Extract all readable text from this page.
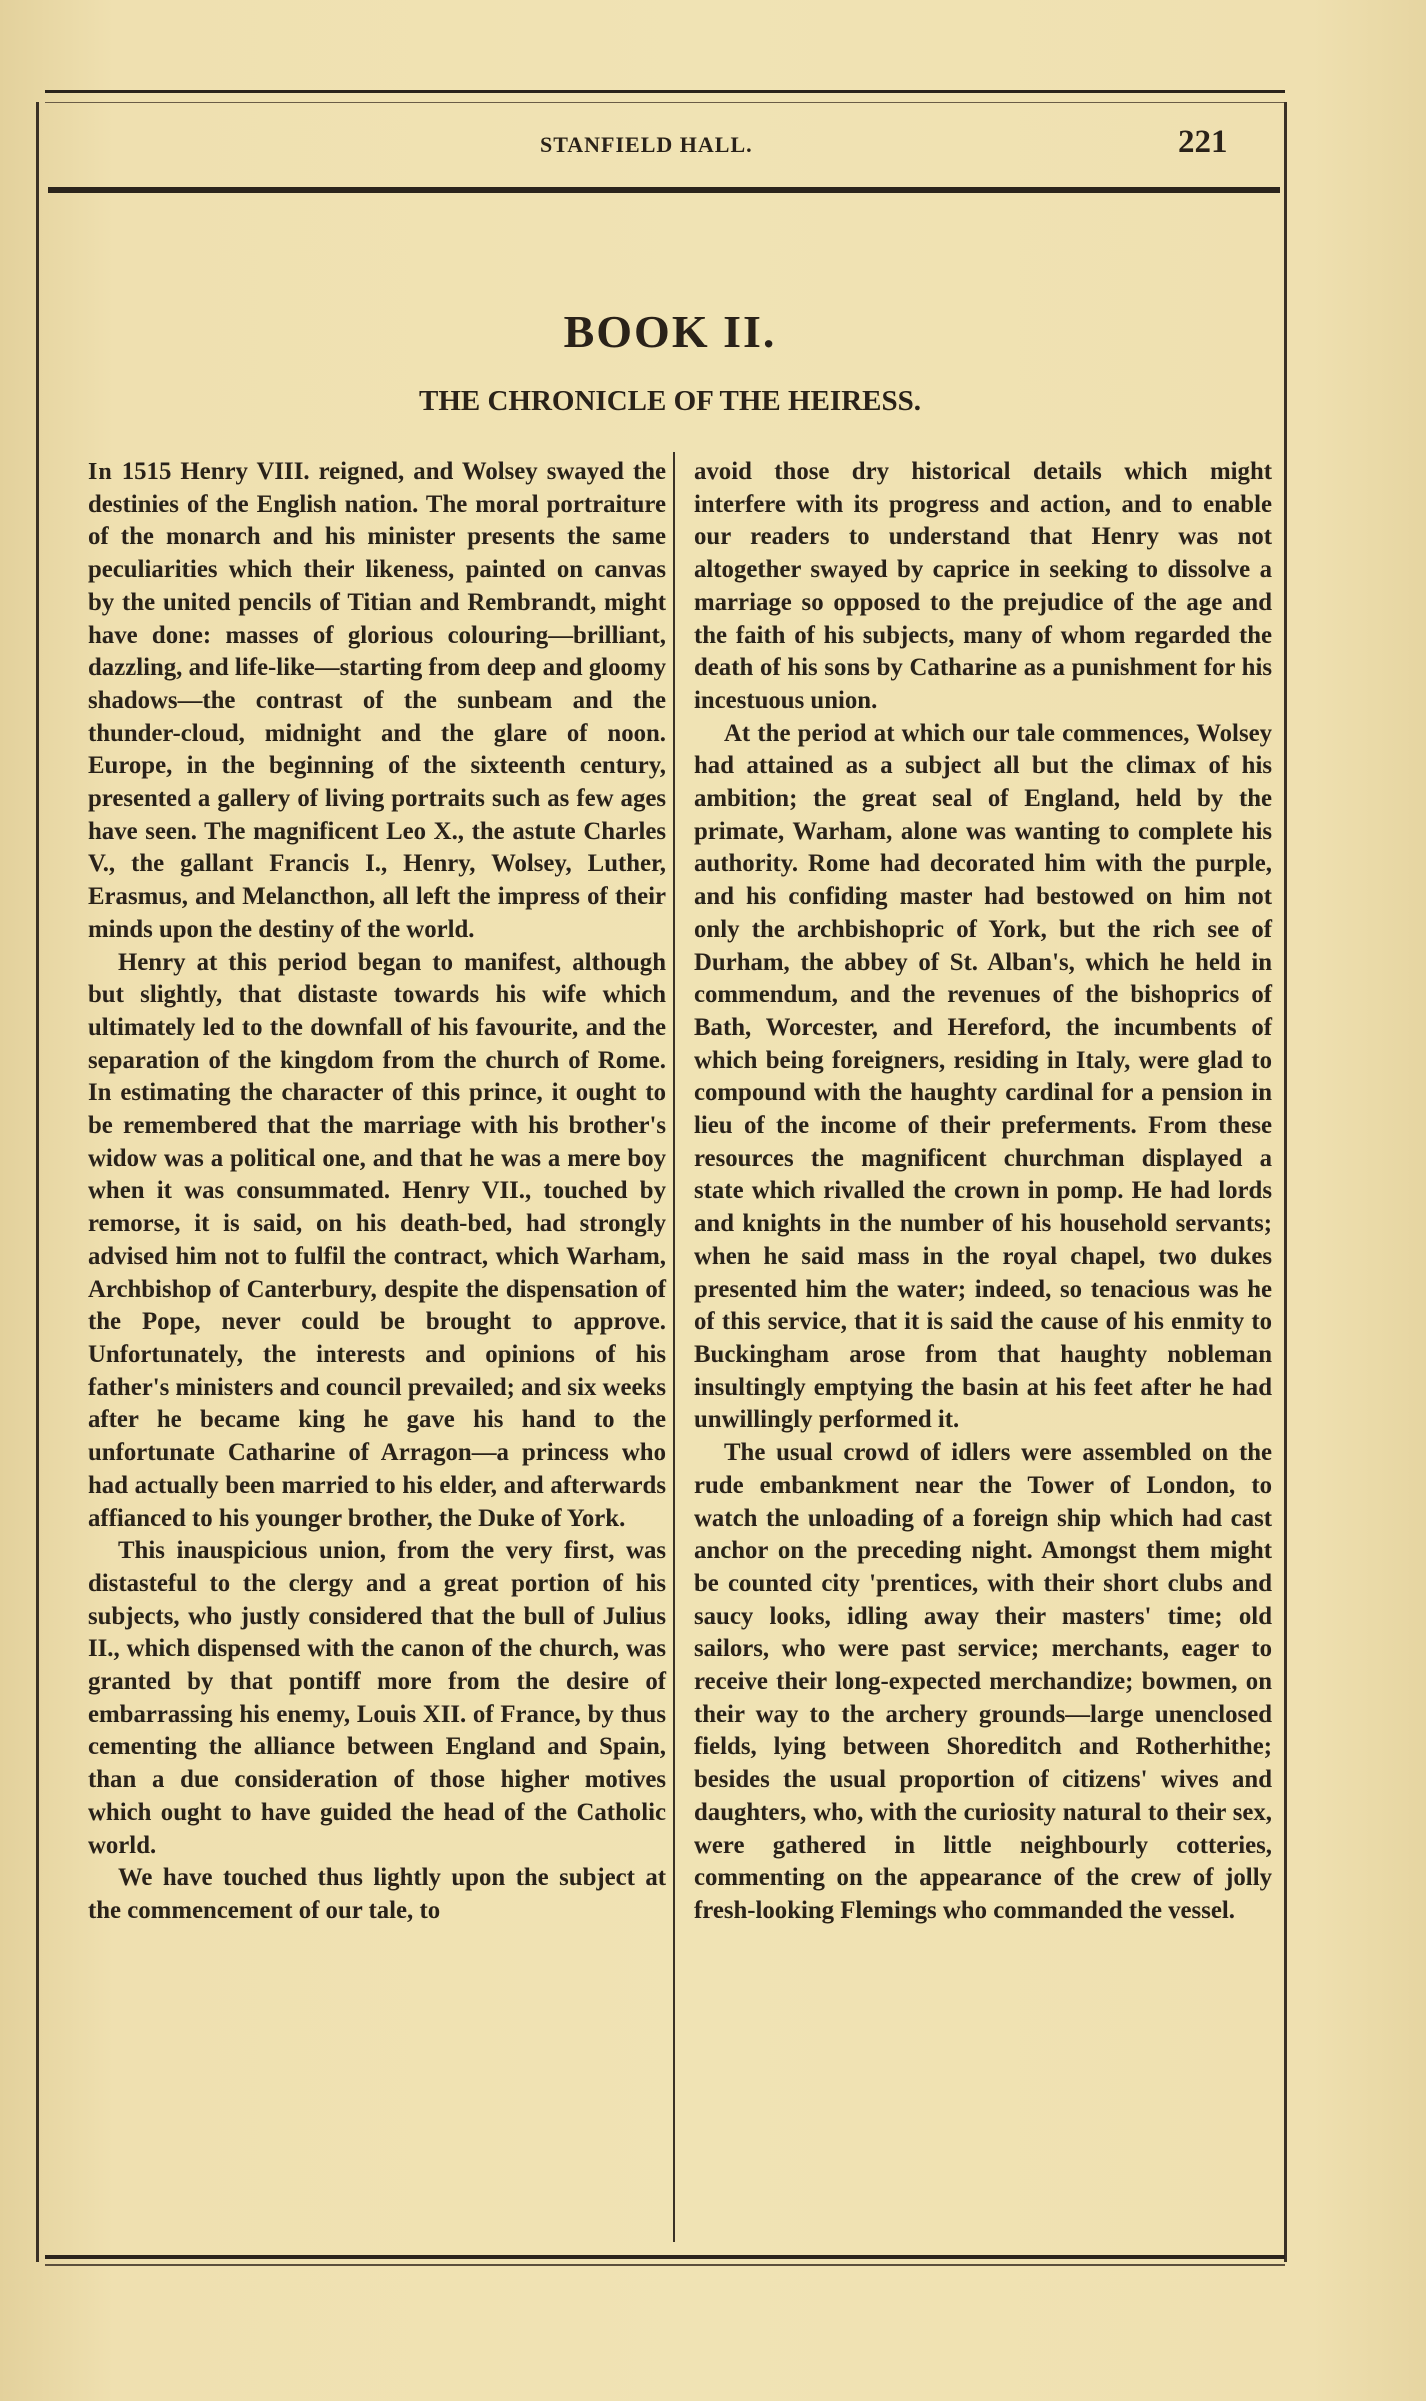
STANFIELD HALL.	221
BOOK II.
THE CHRONICLE OF THE HEIRESS.

In 1515 Henry VIII. reigned, and Wolsey swayed the destinies of the English nation. The moral portraiture of the monarch and his minister presents the same peculiarities which their likeness, painted on canvas by the united pencils of Titian and Rembrandt, might have done: masses of glorious colouring—brilliant, dazzling, and life-like—starting from deep and gloomy shadows—the contrast of the sunbeam and the thunder-cloud, midnight and the glare of noon. Europe, in the beginning of the sixteenth century, presented a gallery of living portraits such as few ages have seen. The magnificent Leo X., the astute Charles V., the gallant Francis I., Henry, Wolsey, Luther, Erasmus, and Melancthon, all left the impress of their minds upon the destiny of the world.

Henry at this period began to manifest, although but slightly, that distaste towards his wife which ultimately led to the downfall of his favourite, and the separation of the kingdom from the church of Rome. In estimating the character of this prince, it ought to be remembered that the marriage with his brother's widow was a political one, and that he was a mere boy when it was consummated. Henry VII., touched by remorse, it is said, on his death-bed, had strongly advised him not to fulfil the contract, which Warham, Archbishop of Canterbury, despite the dispensation of the Pope, never could be brought to approve. Unfortunately, the interests and opinions of his father's ministers and council prevailed; and six weeks after he became king he gave his hand to the unfortunate Catharine of Arragon—a princess who had actually been married to his elder, and afterwards affianced to his younger brother, the Duke of York.

This inauspicious union, from the very first, was distasteful to the clergy and a great portion of his subjects, who justly considered that the bull of Julius II., which dispensed with the canon of the church, was granted by that pontiff more from the desire of embarrassing his enemy, Louis XII. of France, by thus cementing the alliance between England and Spain, than a due consideration of those higher motives which ought to have guided the head of the Catholic world.

We have touched thus lightly upon the subject at the commencement of our tale, to

avoid those dry historical details which might interfere with its progress and action, and to enable our readers to understand that Henry was not altogether swayed by caprice in seeking to dissolve a marriage so opposed to the prejudice of the age and the faith of his subjects, many of whom regarded the death of his sons by Catharine as a punishment for his incestuous union.

At the period at which our tale commences, Wolsey had attained as a subject all but the climax of his ambition; the great seal of England, held by the primate, Warham, alone was wanting to complete his authority. Rome had decorated him with the purple, and his confiding master had bestowed on him not only the archbishopric of York, but the rich see of Durham, the abbey of St. Alban's, which he held in commendum, and the revenues of the bishoprics of Bath, Worcester, and Hereford, the incumbents of which being foreigners, residing in Italy, were glad to compound with the haughty cardinal for a pension in lieu of the income of their preferments. From these resources the magnificent churchman displayed a state which rivalled the crown in pomp. He had lords and knights in the number of his household servants; when he said mass in the royal chapel, two dukes presented him the water; indeed, so tenacious was he of this service, that it is said the cause of his enmity to Buckingham arose from that haughty nobleman insultingly emptying the basin at his feet after he had unwillingly performed it.

The usual crowd of idlers were assembled on the rude embankment near the Tower of London, to watch the unloading of a foreign ship which had cast anchor on the preceding night. Amongst them might be counted city 'prentices, with their short clubs and saucy looks, idling away their masters' time; old sailors, who were past service; merchants, eager to receive their long-expected merchandize; bowmen, on their way to the archery grounds—large unenclosed fields, lying between Shoreditch and Rotherhithe; besides the usual proportion of citizens' wives and daughters, who, with the curiosity natural to their sex, were gathered in little neighbourly cotteries, commenting on the appearance of the crew of jolly fresh-looking Flemings who commanded the vessel.
